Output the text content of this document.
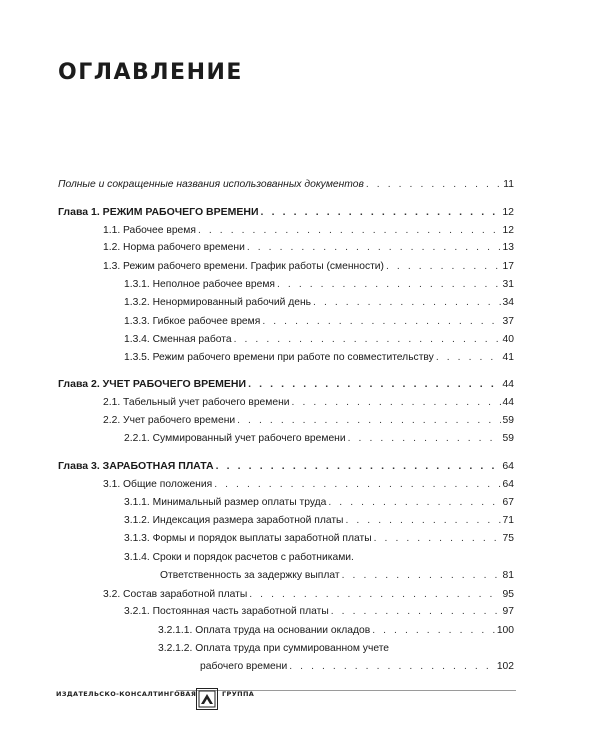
ОГЛАВЛЕНИЕ
Полные и сокращенные названия использованных документов . . .	11
Глава 1. РЕЖИМ РАБОЧЕГО ВРЕМЕНИ . . .	12
1.1. Рабочее время . . .	12
1.2. Норма рабочего времени . . .	13
1.3. Режим рабочего времени. График работы (сменности) . . .	17
1.3.1. Неполное рабочее время . . .	31
1.3.2. Ненормированный рабочий день . . .	34
1.3.3. Гибкое рабочее время . . .	37
1.3.4. Сменная работа . . .	40
1.3.5. Режим рабочего времени при работе по совместительству . . .	41
Глава 2. УЧЕТ РАБОЧЕГО ВРЕМЕНИ . . .	44
2.1. Табельный учет рабочего времени . . .	44
2.2. Учет рабочего времени . . .	59
2.2.1. Суммированный учет рабочего времени . . .	59
Глава 3. ЗАРАБОТНАЯ ПЛАТА . . .	64
3.1. Общие положения . . .	64
3.1.1. Минимальный размер оплаты труда . . .	67
3.1.2. Индексация размера заработной платы . . .	71
3.1.3. Формы и порядок выплаты заработной платы . . .	75
3.1.4. Сроки и порядок расчетов с работниками.
Ответственность за задержку выплат . . .	81
3.2. Состав заработной платы . . .	95
3.2.1. Постоянная часть заработной платы . . .	97
3.2.1.1. Оплата труда на основании окладов . . .	100
3.2.1.2. Оплата труда при суммированном учете
рабочего времени . . .	102
ИЗДАТЕЛЬСКО-КОНСАЛТИНГОВАЯ	ГРУППА
